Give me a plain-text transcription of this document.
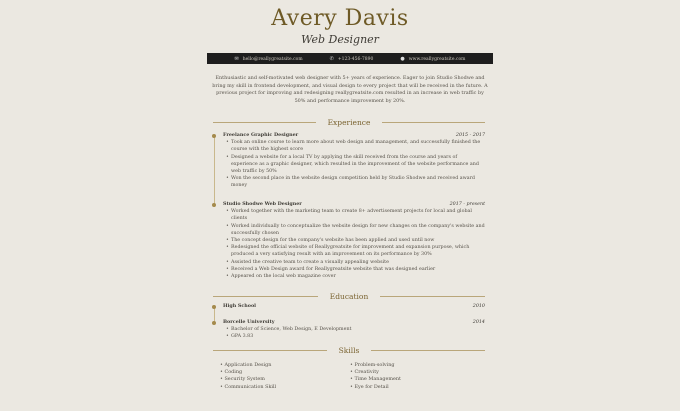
Avery Davis
Web Designer
✉ hello@reallygreatsite.com	✆ +123-456-7890	● www.reallygreatsite.com
Enthusiastic and self-motivated web designer with 5+ years of experience. Eager to join Studio Shodwe and bring my skill in frontend development, and visual design to every project that will be received in the future. A previous project for improving and redesigning reallygreatsite.com resulted in an increase in web traffic by 50% and performance improvement by 20%.
Experience
Freelance Graphic Designer	2015 - 2017
• Took an online course to learn more about web design and management, and successfully finished the course with the highest score
• Designed a website for a local TV by applying the skill received from the course and years of experience as a graphic designer, which resulted in the improvement of the website performance and web traffic by 50%
• Won the second place in the website design competition held by Studio Shodwe and received award money
Studio Shodwe Web Designer	2017 - present
• Worked together with the marketing team to create 8+ advertisement projects for local and global clients
• Worked individually to conceptualize the website design for new changes on the company's website and successfully chosen
• The concept design for the company's website has been applied and used until now
• Redesigned the official website of Reallygreatsite for improvement and expansion purpose, which produced a very satisfying result with an improvement on its performance by 30%
• Assisted the creative team to create a visually appealing website
• Received a Web Design award for Reallygreatsite website that was designed earlier
• Appeared on the local web magazine cover
Education
High School	2010
Borcelle University	2014
• Bachelor of Science, Web Design, E Development
• GPA 3.83
Skills
• Application Design
• Coding
• Security System
• Communication Skill
• Problem-solving
• Creativity
• Time Management
• Eye for Detail
